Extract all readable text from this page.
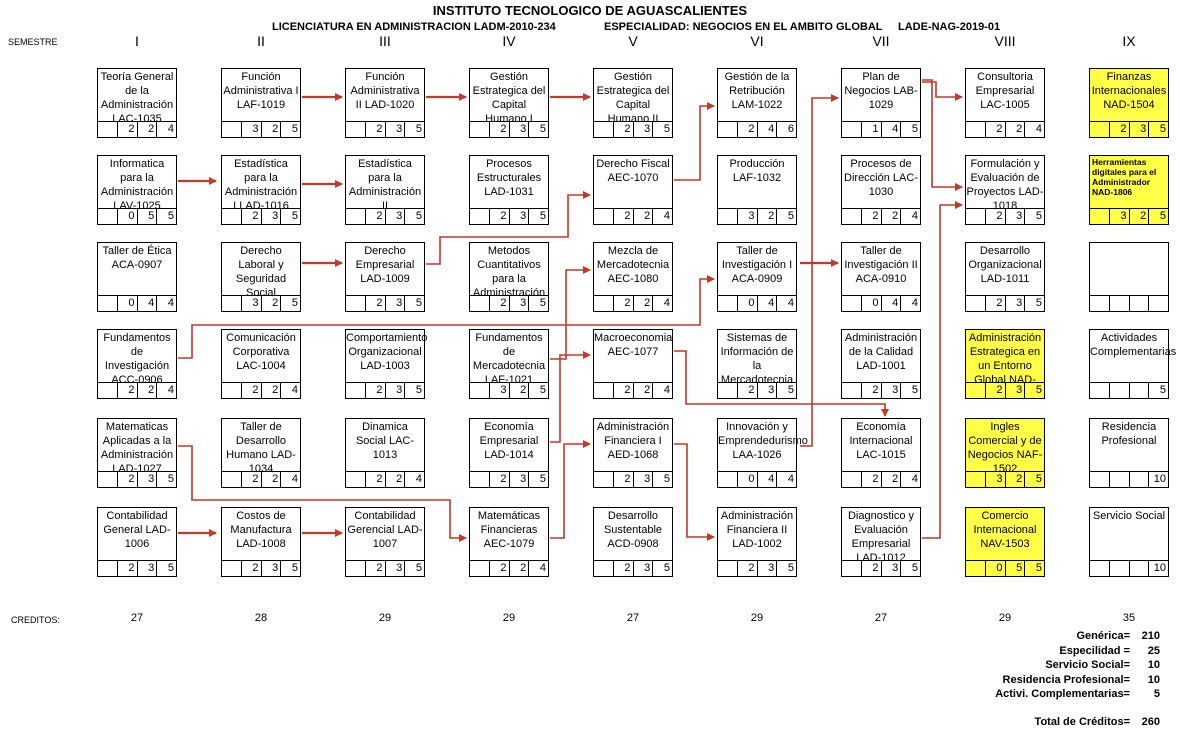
INSTITUTO TECNOLOGICO DE AGUASCALIENTES
LICENCIATURA EN ADMINISTRACION LADM-2010-234	ESPECIALIDAD: NEGOCIOS EN EL AMBITO GLOBAL LADE-NAG-2019-01
SEMESTRE	I	II	III	IV	V	VI	VII	VIII	IX
Teoría General de la Administración LAC-1035
2	2	4
Función Administrativa I LAF-1019
3	2	5
Función Administrativa II LAD-1020
2	3	5
Gestión Estrategica del Capital Humano I
2	3	5
Gestión Estrategica del Capital Humano II
2	3	5
Gestión de la Retribución LAM-1022
2	4	6
Plan de Negocios LAB-1029
1	4	5
Consultoria Empresarial LAC-1005
2	2	4
Finanzas Internacionales NAD-1504
2	3	5
Informatica para la Administración LAV-1025
0	5	5
Estadística para la Administración I LAD-1016
2	3	5
Estadística para la Administración II
2	3	5
Procesos Estructurales LAD-1031
2	3	5
Derecho Fiscal AEC-1070
2	2	4
Producción LAF-1032
3	2	5
Procesos de Dirección LAC-1030
2	2	4
Formulación y Evaluación de Proyectos LAD-1018
2	3	5
Herramientas digitales para el Administrador NAD-1806
3	2	5
Taller de Ética ACA-0907
0	4	4
Derecho Laboral y Seguridad Social
3	2	5
Derecho Empresarial LAD-1009
2	3	5
Metodos Cuantitativos para la Administración
2	3	5
Mezcla de Mercadotecnia AEC-1080
2	2	4
Taller de Investigación I ACA-0909
0	4	4
Taller de Investigación II ACA-0910
0	4	4
Desarrollo Organizacional LAD-1011
2	3	5
Fundamentos de Investigación ACC-0906
2	2	4
Comunicación Corporativa LAC-1004
2	2	4
Comportamiento Organizacional LAD-1003
2	3	5
Fundamentos de Mercadotecnia LAF-1021
3	2	5
Macroeconomia AEC-1077
2	2	4
Sistemas de Información de la Mercadotecnia
2	3	5
Administración de la Calidad LAD-1001
2	3	5
Administración Estrategica en un Entorno Global NAD-
2	3	5
Actividades Complementarias
5
Matematicas Aplicadas a la Administración LAD-1027
2	3	5
Taller de Desarrollo Humano LAD-1034
2	2	4
Dinamica Social LAC-1013
2	2	4
Economía Empresarial LAD-1014
2	3	5
Administración Financiera I AED-1068
2	3	5
Innovación y Emprendedurismo LAA-1026
0	4	4
Economía Internacional LAC-1015
2	2	4
Ingles Comercial y de Negocios NAF-1502
3	2	5
Residencia Profesional
10
Contabilidad General LAD-1006
2	3	5
Costos de Manufactura LAD-1008
2	3	5
Contabilidad Gerencial LAD-1007
2	3	5
Matemáticas Financieras AEC-1079
2	2	4
Desarrollo Sustentable ACD-0908
2	3	5
Administración Financiera II LAD-1002
2	3	5
Diagnostico y Evaluación Empresarial LAD-1012
2	3	5
Comercio Internacional NAV-1503
0	5	5
Servicio Social
10
CREDITOS:	27	28	29	29	27	29	27	29	35
Genérica=	210
Especilidad =	25
Servicio Social=	10
Residencia Profesional=	10
Activi. Complementarias=	5
Total de Créditos=	260
